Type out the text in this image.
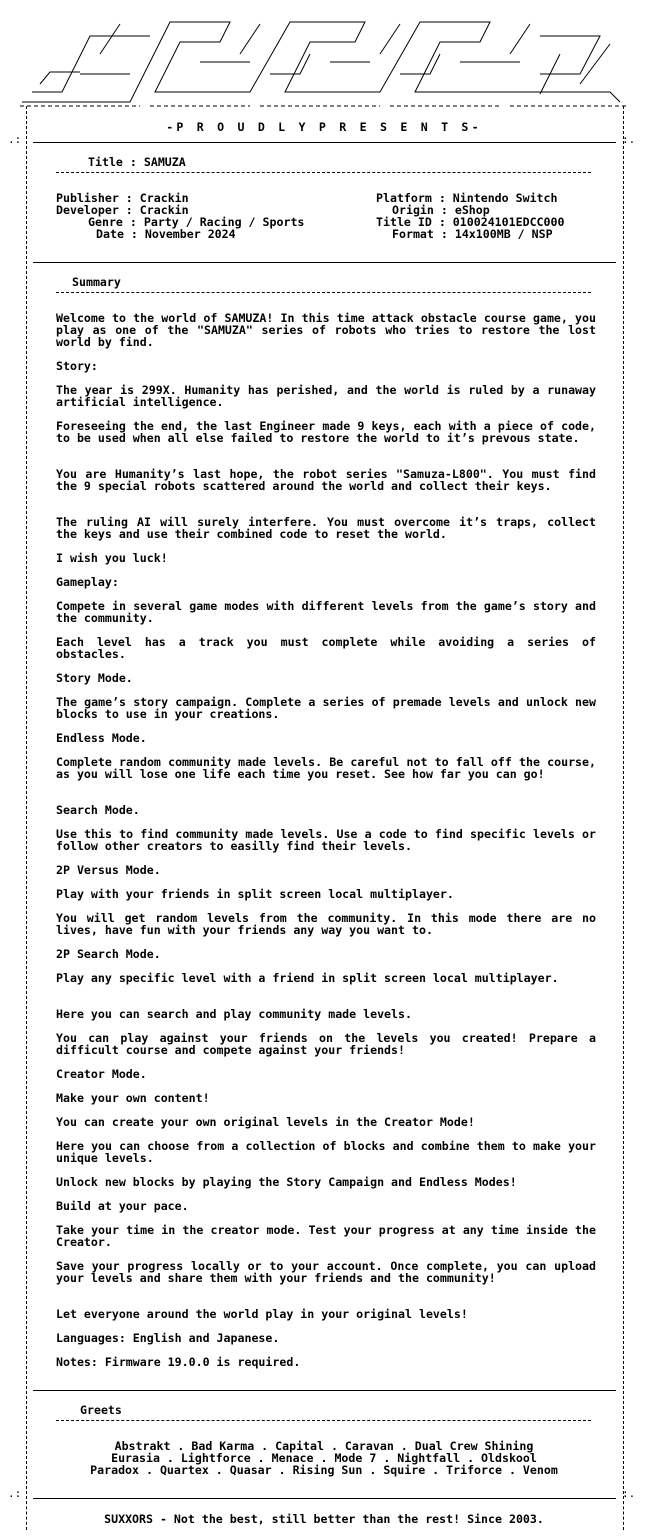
-P R O U D L Y P R E S E N T S-
.:	:.
.:	:.
Title : SAMUZA
Publisher : Crackin
Developer : Crackin
Genre : Party / Racing / Sports
Date : November 2024
Platform : Nintendo Switch
Origin : eShop
Title ID : 010024101EDCC000
Format : 14x100MB / NSP
Summary
Welcome to the world of SAMUZA! In this time attack obstacle course game, you play as one of the "SAMUZA" series of robots who tries to restore the lost world by find.
Story:
The year is 299X. Humanity has perished, and the world is ruled by a runaway artificial intelligence.
Foreseeing the end, the last Engineer made 9 keys, each with a piece of code, to be used when all else failed to restore the world to it’s prevous state.
You are Humanity’s last hope, the robot series "Samuza-L800". You must find the 9 special robots scattered around the world and collect their keys.
The ruling AI will surely interfere. You must overcome it’s traps, collect the keys and use their combined code to reset the world.
I wish you luck!
Gameplay:
Compete in several game modes with different levels from the game’s story and the community.
Each level has a track you must complete while avoiding a series of obstacles.
Story Mode.
The game’s story campaign. Complete a series of premade levels and unlock new blocks to use in your creations.
Endless Mode.
Complete random community made levels. Be careful not to fall off the course, as you will lose one life each time you reset. See how far you can go!
Search Mode.
Use this to find community made levels. Use a code to find specific levels or follow other creators to easilly find their levels.
2P Versus Mode.
Play with your friends in split screen local multiplayer.
You will get random levels from the community. In this mode there are no lives, have fun with your friends any way you want to.
2P Search Mode.
Play any specific level with a friend in split screen local multiplayer.
Here you can search and play community made levels.
You can play against your friends on the levels you created! Prepare a difficult course and compete against your friends!
Creator Mode.
Make your own content!
You can create your own original levels in the Creator Mode!
Here you can choose from a collection of blocks and combine them to make your unique levels.
Unlock new blocks by playing the Story Campaign and Endless Modes!
Build at your pace.
Take your time in the creator mode. Test your progress at any time inside the Creator.
Save your progress locally or to your account. Once complete, you can upload your levels and share them with your friends and the community!
Let everyone around the world play in your original levels!
Languages: English and Japanese.
Notes: Firmware 19.0.0 is required.
Greets
Abstrakt . Bad Karma . Capital . Caravan . Dual Crew Shining
Eurasia . Lightforce . Menace . Mode 7 . Nightfall . Oldskool
Paradox . Quartex . Quasar . Rising Sun . Squire . Triforce . Venom
SUXXORS - Not the best, still better than the rest! Since 2003.
